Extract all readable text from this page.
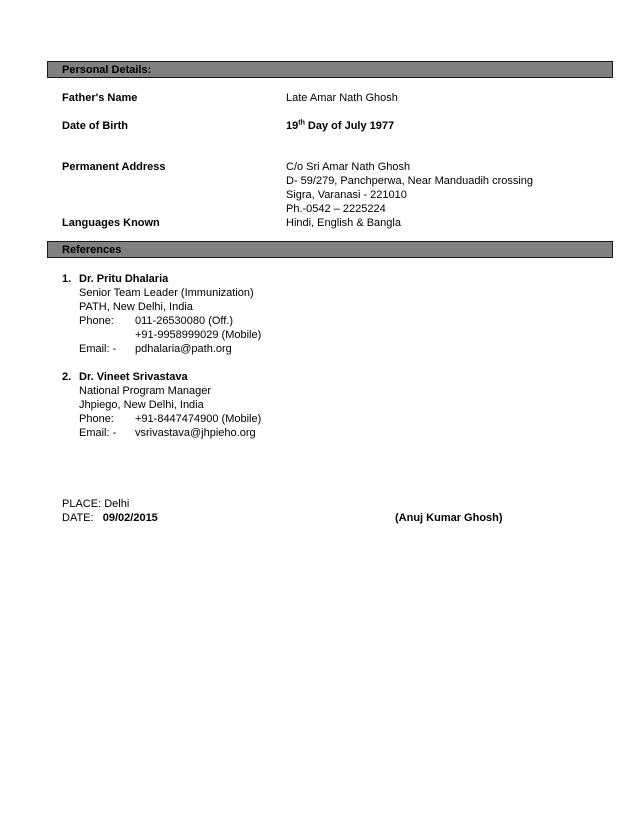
Personal Details:
Father's Name	Late Amar Nath Ghosh
Date of Birth	19th Day of July 1977
Permanent Address	C/o Sri Amar Nath Ghosh
D- 59/279, Panchperwa, Near Manduadih crossing
Sigra, Varanasi - 221010
Ph.-0542 – 2225224
Languages Known	Hindi, English & Bangla
References
1. Dr. Pritu Dhalaria
Senior Team Leader (Immunization)
PATH, New Delhi, India
Phone: 011-26530080 (Off.)
+91-9958999029 (Mobile)
Email: - pdhalaria@path.org
2. Dr. Vineet Srivastava
National Program Manager
Jhpiego, New Delhi, India
Phone: +91-8447474900 (Mobile)
Email: - vsrivastava@jhpieho.org
PLACE: Delhi
DATE: 09/02/2015	(Anuj Kumar Ghosh)
